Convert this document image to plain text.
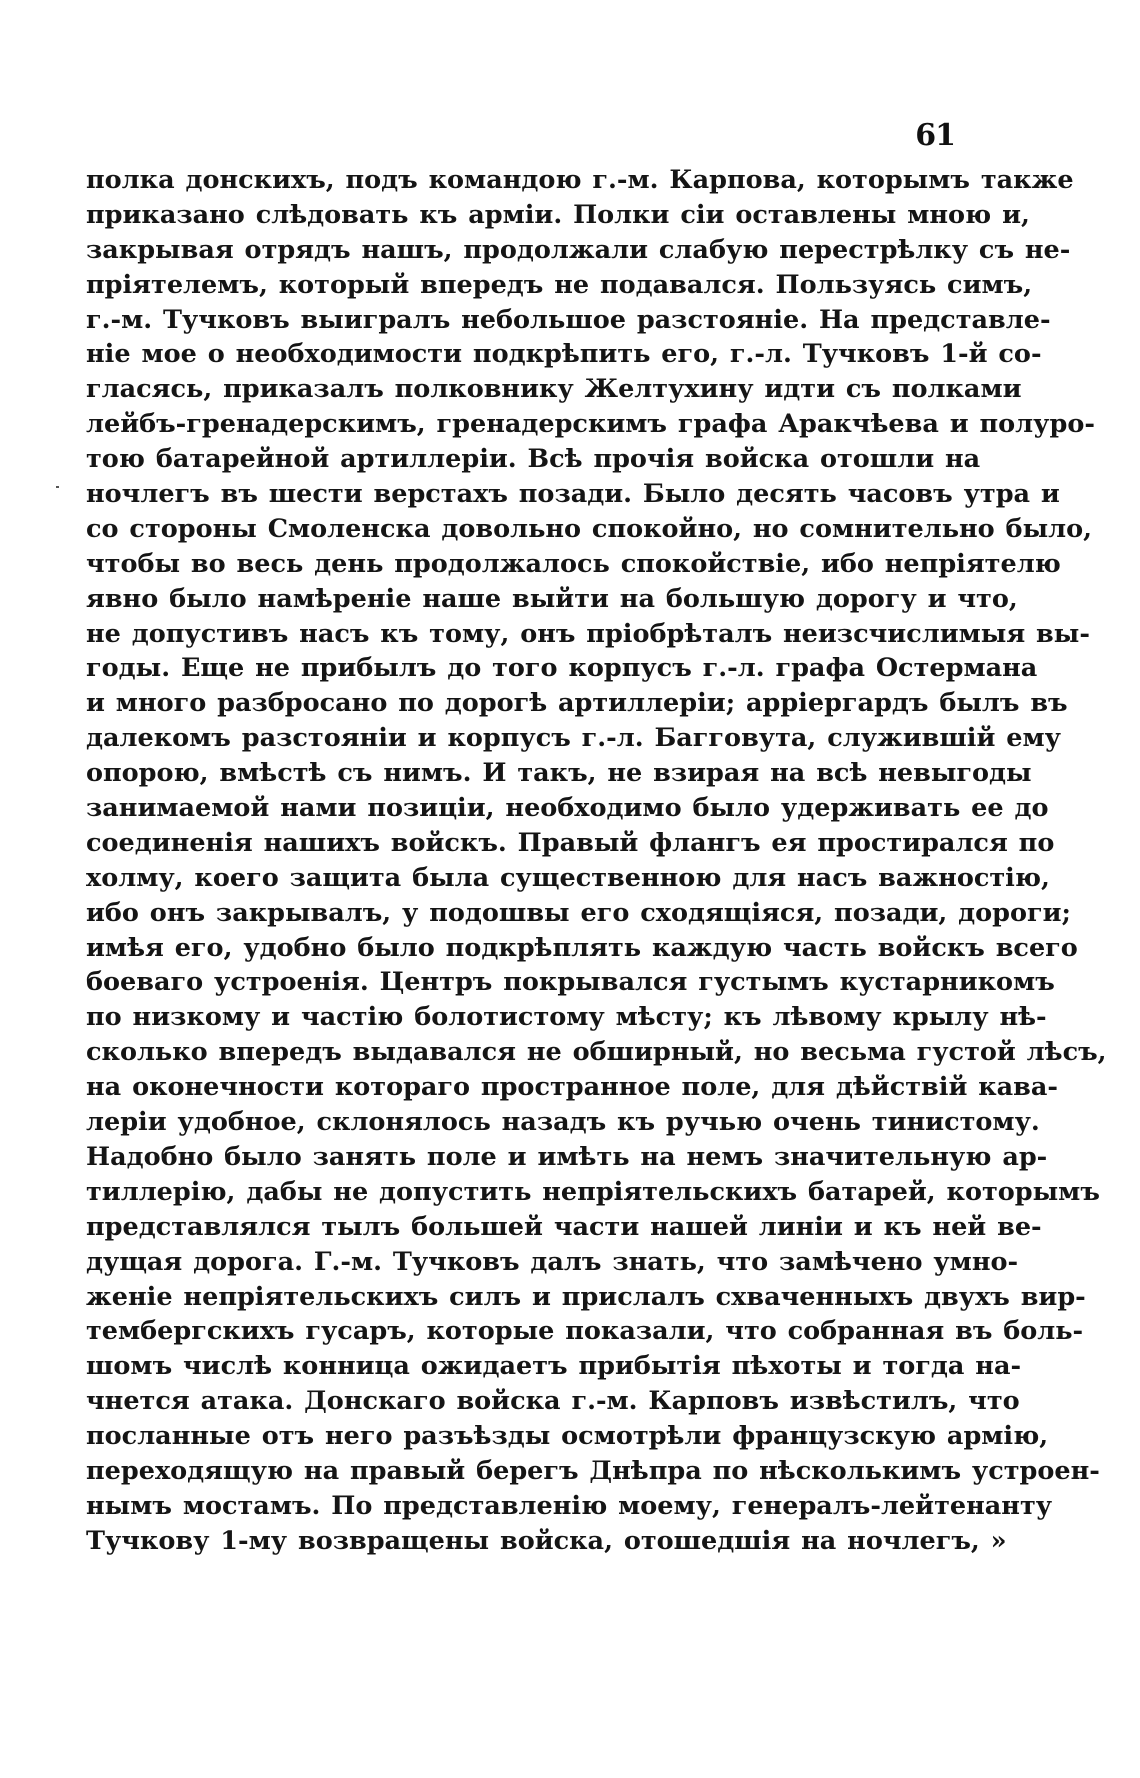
61
полка донскихъ, подъ командою г.-м. Карпова, которымъ также
приказано слѣдовать къ арміи. Полки сіи оставлены мною и,
закрывая отрядъ нашъ, продолжали слабую перестрѣлку съ не-
пріятелемъ, который впередъ не подавался. Пользуясь симъ,
г.-м. Тучковъ выигралъ небольшое разстояніе. На представле-
ніе мое о необходимости подкрѣпить его, г.-л. Тучковъ 1-й со-
гласясь, приказалъ полковнику Желтухину идти съ полками
лейбъ-гренадерскимъ, гренадерскимъ графа Аракчѣева и полуро-
тою батарейной артиллеріи. Всѣ прочія войска отошли на
ночлегъ въ шести верстахъ позади. Было десять часовъ утра и
со стороны Смоленска довольно спокойно, но сомнительно было,
чтобы во весь день продолжалось спокойствіе, ибо непріятелю
явно было намѣреніе наше выйти на большую дорогу и что,
не допустивъ насъ къ тому, онъ пріобрѣталъ неизсчислимыя вы-
годы. Еще не прибылъ до того корпусъ г.-л. графа Остермана
и много разбросано по дорогѣ артиллеріи; арріергардъ былъ въ
далекомъ разстояніи и корпусъ г.-л. Багговута, служившій ему
опорою, вмѣстѣ съ нимъ. И такъ, не взирая на всѣ невыгоды
занимаемой нами позиціи, необходимо было удерживать ее до
соединенія нашихъ войскъ. Правый флангъ ея простирался по
холму, коего защита была существенною для насъ важностію,
ибо онъ закрывалъ, у подошвы его сходящіяся, позади, дороги;
имѣя его, удобно было подкрѣплять каждую часть войскъ всего
боеваго устроенія. Центръ покрывался густымъ кустарникомъ
по низкому и частію болотистому мѣсту; къ лѣвому крылу нѣ-
сколько впередъ выдавался не обширный, но весьма густой лѣсъ,
на оконечности котораго пространное поле, для дѣйствій кава-
леріи удобное, склонялось назадъ къ ручью очень тинистому.
Надобно было занять поле и имѣть на немъ значительную ар-
тиллерію, дабы не допустить непріятельскихъ батарей, которымъ
представлялся тылъ большей части нашей линіи и къ ней ве-
дущая дорога. Г.-м. Тучковъ далъ знать, что замѣчено умно-
женіе непріятельскихъ силъ и прислалъ схваченныхъ двухъ вир-
тембергскихъ гусаръ, которые показали, что собранная въ боль-
шомъ числѣ конница ожидаетъ прибытія пѣхоты и тогда на-
чнется атака. Донскаго войска г.-м. Карповъ извѣстилъ, что
посланные отъ него разъѣзды осмотрѣли французскую армію,
переходящую на правый берегъ Днѣпра по нѣсколькимъ устроен-
нымъ мостамъ. По представленію моему, генералъ-лейтенанту
Тучкову 1-му возвращены войска, отошедшія на ночлегъ, »
